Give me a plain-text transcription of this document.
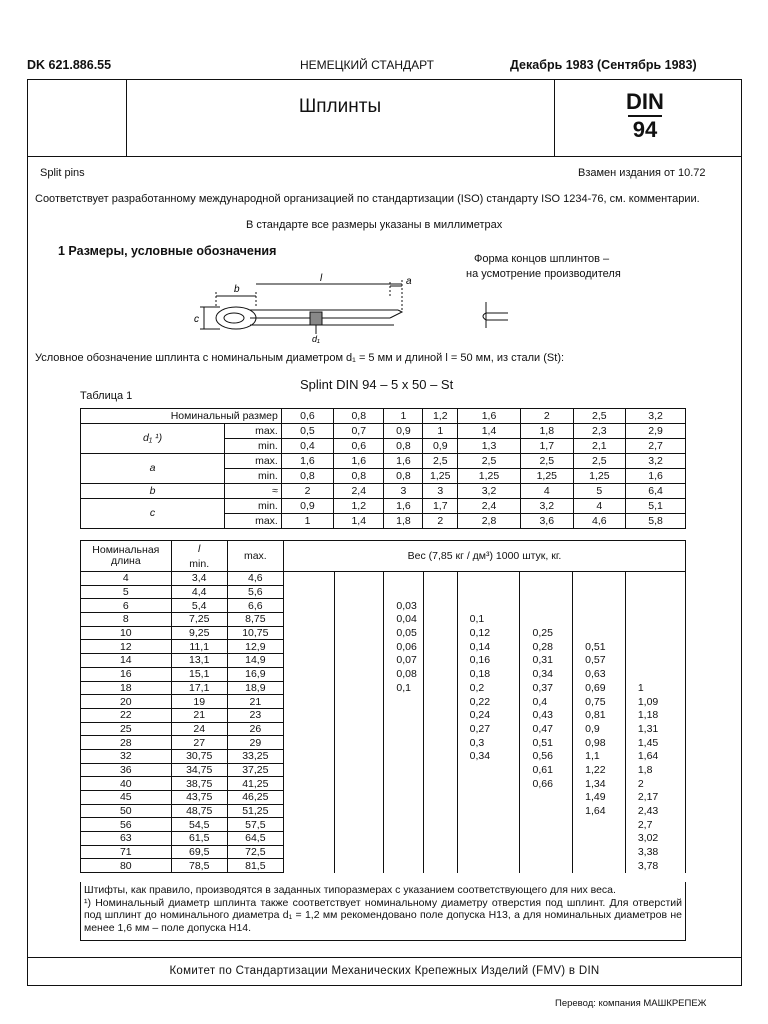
DK 621.886.55	НЕМЕЦКИЙ СТАНДАРТ	Декабрь 1983 (Сентябрь 1983)
Шплинты	DIN
94
Split pins	Взамен издания от 10.72
Соответствует разработанному международной организацией по стандартизации (ISO) стандарту ISO 1234-76, см. комментарии.
В стандарте все размеры указаны в миллиметрах
1 Размеры, условные обозначения
Форма концов шплинтов –
на усмотрение производителя
b
l	a
c
d₁
Условное обозначение шплинта с номинальным диаметром d₁ = 5 мм и длиной l = 50 мм, из стали (St):
Splint DIN 94 – 5 x 50 – St
Таблица 1
Номинальный размер		0,6	0,8	1	1,2	1,6	2	2,5	3,2
d₁ ¹)	max.	0,5	0,7	0,9	1	1,4	1,8	2,3	2,9
	min.	0,4	0,6	0,8	0,9	1,3	1,7	2,1	2,7
a	max.	1,6	1,6	1,6	2,5	2,5	2,5	2,5	3,2
	min.	0,8	0,8	0,8	1,25	1,25	1,25	1,25	1,6
b	≈	2	2,4	3	3	3,2	4	5	6,4
c	min.	0,9	1,2	1,6	1,7	2,4	3,2	4	5,1
	max.	1	1,4	1,8	2	2,8	3,6	4,6	5,8
Номинальная длина	l	max.	Вес (7,85 кг / дм³) 1000 штук, кг.							
	min.									
4	3,4	4,6								
5	4,4	5,6								
6	5,4	6,6			0,03					
8	7,25	8,75			0,04		0,1			
10	9,25	10,75			0,05		0,12	0,25		
12	11,1	12,9			0,06		0,14	0,28	0,51	
14	13,1	14,9			0,07		0,16	0,31	0,57	
16	15,1	16,9			0,08		0,18	0,34	0,63	
18	17,1	18,9			0,1		0,2	0,37	0,69	1
20	19	21					0,22	0,4	0,75	1,09
22	21	23					0,24	0,43	0,81	1,18
25	24	26					0,27	0,47	0,9	1,31
28	27	29					0,3	0,51	0,98	1,45
32	30,75	33,25					0,34	0,56	1,1	1,64
36	34,75	37,25						0,61	1,22	1,8
40	38,75	41,25						0,66	1,34	2
45	43,75	46,25							1,49	2,17
50	48,75	51,25							1,64	2,43
56	54,5	57,5								2,7
63	61,5	64,5								3,02
71	69,5	72,5								3,38
80	78,5	81,5								3,78
Штифты, как правило, производятся в заданных типоразмерах с указанием соответствующего для них веса.
¹) Номинальный диаметр шплинта также соответствует номинальному диаметру отверстия под шплинт. Для отверстий под шплинт до номинального диаметра d₁ = 1,2 мм рекомендовано поле допуска H13, а для номинальных диаметров не менее 1,6 мм – поле допуска H14.
Комитет по Стандартизации Механических Крепежных Изделий (FMV) в DIN
Перевод: компания МАШКРЕПЕЖ
